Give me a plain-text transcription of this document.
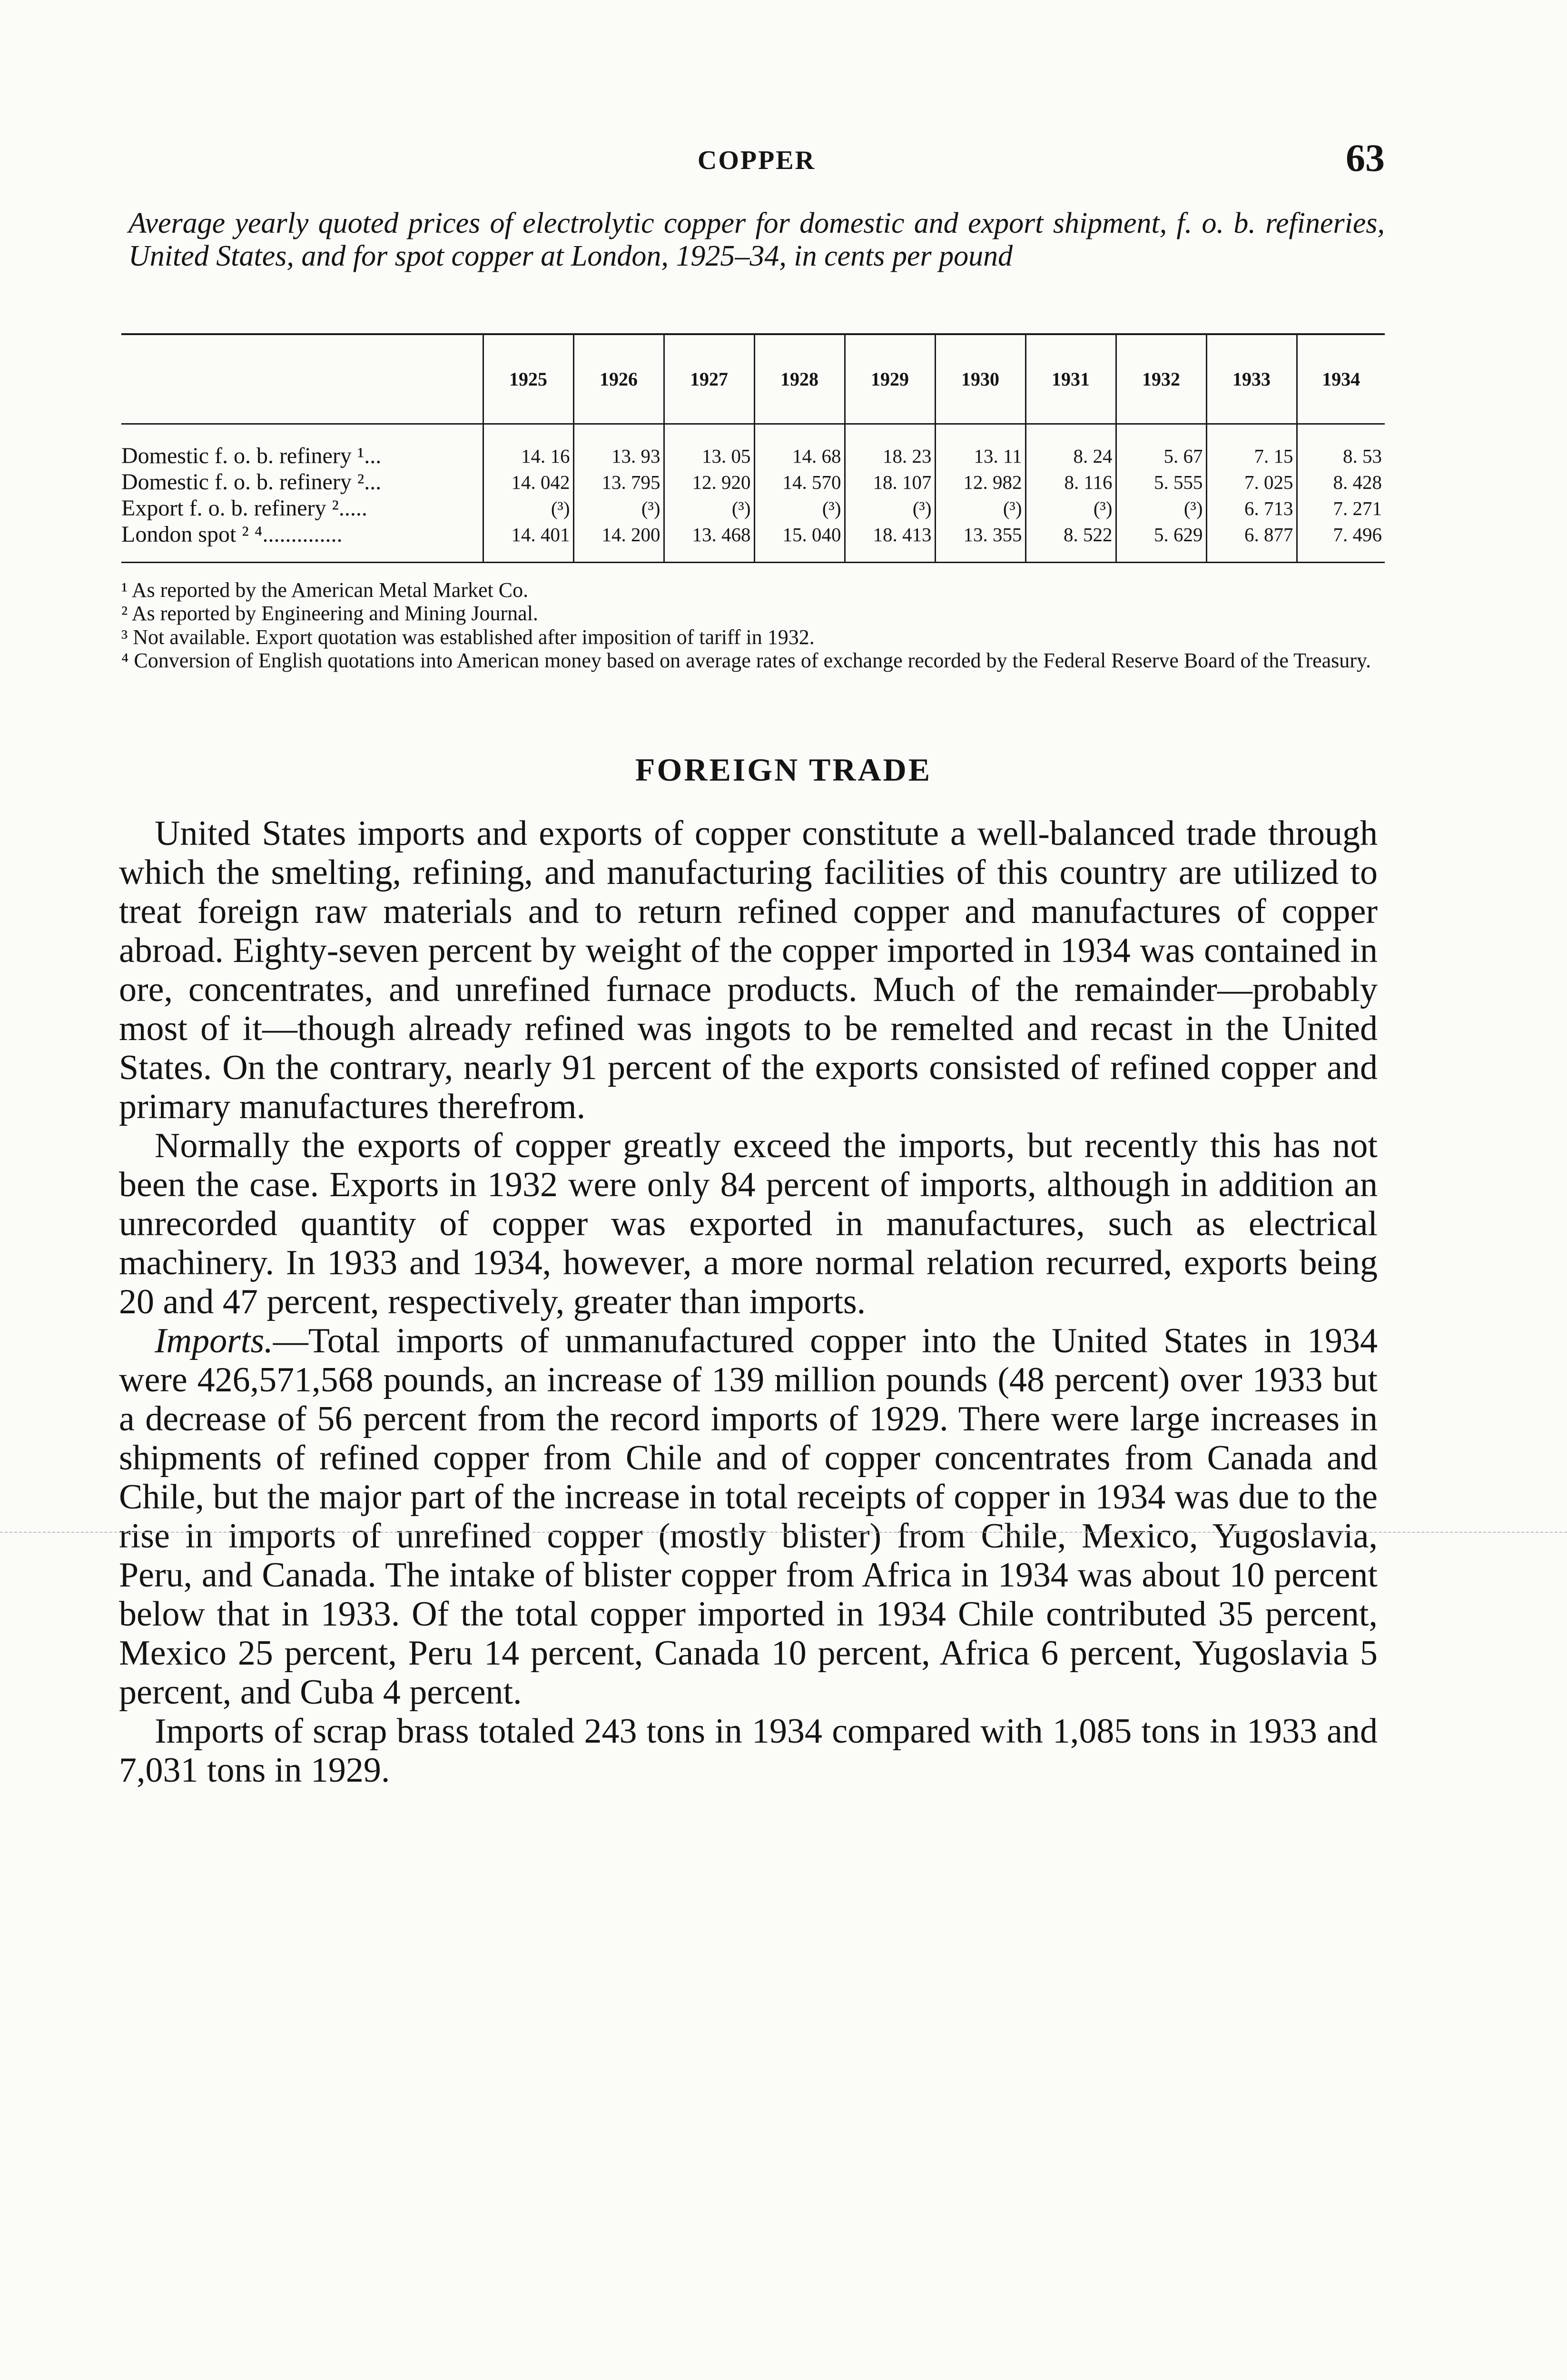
COPPER	63
Average yearly quoted prices of electrolytic copper for domestic and export shipment, f. o. b. refineries, United States, and for spot copper at London, 1925–34, in cents per pound
	1925	1926	1927	1928	1929	1930	1931	1932	1933	1934
Domestic f. o. b. refinery ¹...	14. 16	13. 93	13. 05	14. 68	18. 23	13. 11	8. 24	5. 67	7. 15	8. 53
Domestic f. o. b. refinery ²...	14. 042	13. 795	12. 920	14. 570	18. 107	12. 982	8. 116	5. 555	7. 025	8. 428
Export f. o. b. refinery ².....	(³)	(³)	(³)	(³)	(³)	(³)	(³)	(³)	6. 713	7. 271
London spot ² ⁴..............	14. 401	14. 200	13. 468	15. 040	18. 413	13. 355	8. 522	5. 629	6. 877	7. 496

¹ As reported by the American Metal Market Co.

² As reported by Engineering and Mining Journal.

³ Not available. Export quotation was established after imposition of tariff in 1932.

⁴ Conversion of English quotations into American money based on average rates of exchange recorded by the Federal Reserve Board of the Treasury.

FOREIGN TRADE

United States imports and exports of copper constitute a well-balanced trade through which the smelting, refining, and manufacturing facilities of this country are utilized to treat foreign raw materials and to return refined copper and manufactures of copper abroad. Eighty-seven percent by weight of the copper imported in 1934 was contained in ore, concentrates, and unrefined furnace products. Much of the remainder—probably most of it—though already refined was ingots to be remelted and recast in the United States. On the contrary, nearly 91 percent of the exports consisted of refined copper and primary manufactures therefrom.

Normally the exports of copper greatly exceed the imports, but recently this has not been the case. Exports in 1932 were only 84 percent of imports, although in addition an unrecorded quantity of copper was exported in manufactures, such as electrical machinery. In 1933 and 1934, however, a more normal relation recurred, exports being 20 and 47 percent, respectively, greater than imports.

Imports.—Total imports of unmanufactured copper into the United States in 1934 were 426,571,568 pounds, an increase of 139 million pounds (48 percent) over 1933 but a decrease of 56 percent from the record imports of 1929. There were large increases in shipments of refined copper from Chile and of copper concentrates from Canada and Chile, but the major part of the increase in total receipts of copper in 1934 was due to the rise in imports of unrefined copper (mostly blister) from Chile, Mexico, Yugoslavia, Peru, and Canada. The intake of blister copper from Africa in 1934 was about 10 percent below that in 1933. Of the total copper imported in 1934 Chile contributed 35 percent, Mexico 25 percent, Peru 14 percent, Canada 10 percent, Africa 6 percent, Yugoslavia 5 percent, and Cuba 4 percent.

Imports of scrap brass totaled 243 tons in 1934 compared with 1,085 tons in 1933 and 7,031 tons in 1929.
